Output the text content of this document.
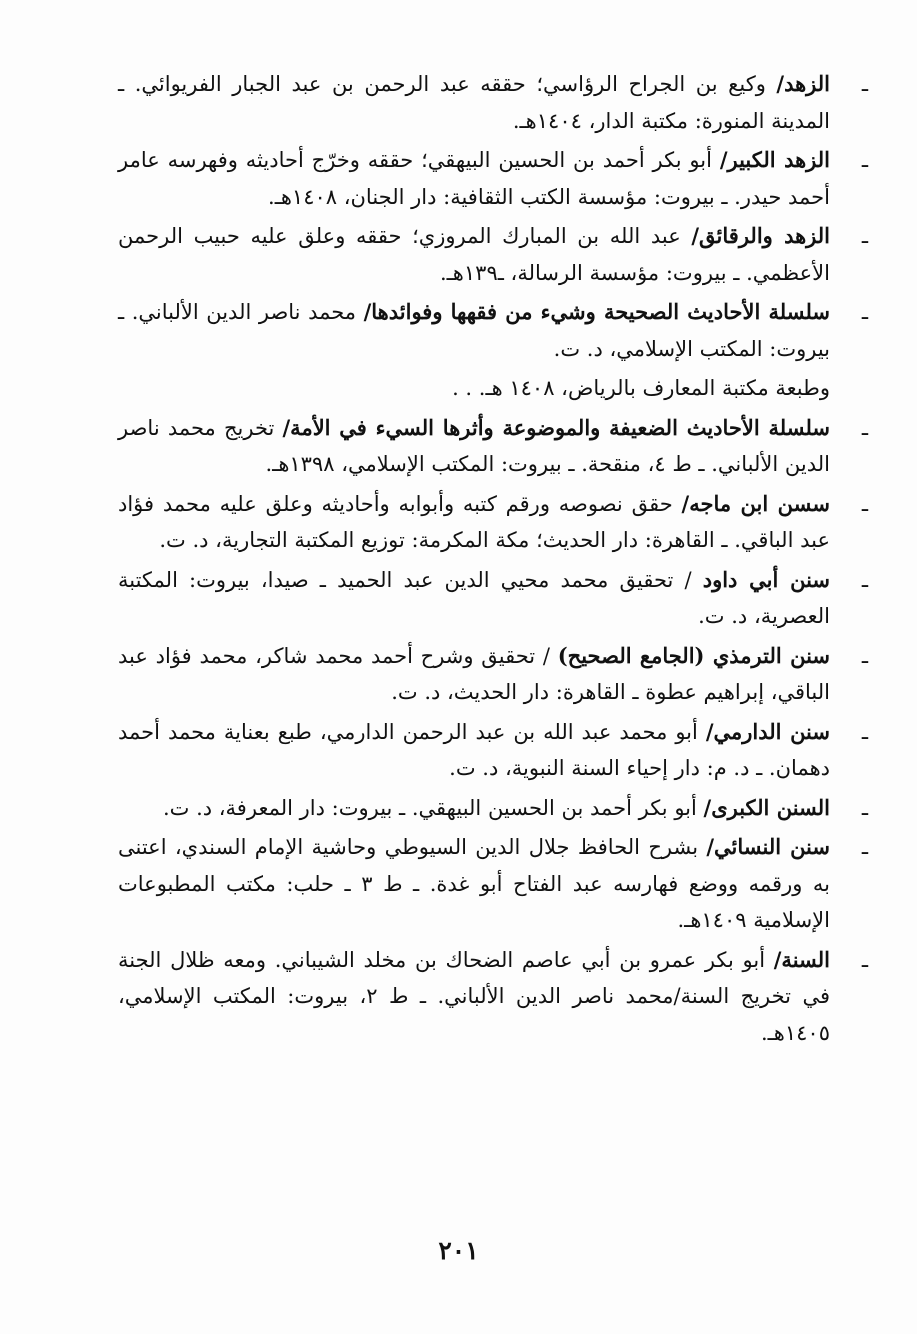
ـ
الزهد/ وكيع بن الجراح الرؤاسي؛ حققه عبد الرحمن بن عبد الجبار الفريوائي. ـ المدينة المنورة: مكتبة الدار، ١٤٠٤هـ.

ـ
الزهد الكبير/ أبو بكر أحمد بن الحسين البيهقي؛ حققه وخرّج أحاديثه وفهرسه عامر أحمد حيدر. ـ بيروت: مؤسسة الكتب الثقافية: دار الجنان، ١٤٠٨هـ.

ـ
الزهد والرقائق/ عبد الله بن المبارك المروزي؛ حققه وعلق عليه حبيب الرحمن الأعظمي. ـ بيروت: مؤسسة الرسالة، ـ١٣٩هـ.

ـ
سلسلة الأحاديث الصحيحة وشيء من فقهها وفوائدها/ محمد ناصر الدين الألباني. ـ بيروت: المكتب الإسلامي، د. ت.

وطبعة مكتبة المعارف بالرياض، ١٤٠٨ هـ. . .

ـ
سلسلة الأحاديث الضعيفة والموضوعة وأثرها السيء في الأمة/ تخريج محمد ناصر الدين الألباني. ـ ط ٤، منقحة. ـ بيروت: المكتب الإسلامي، ١٣٩٨هـ.

ـ
سسن ابن ماجه/ حقق نصوصه ورقم كتبه وأبوابه وأحاديثه وعلق عليه محمد فؤاد عبد الباقي. ـ القاهرة: دار الحديث؛ مكة المكرمة: توزيع المكتبة التجارية، د. ت.

ـ
سنن أبي داود / تحقيق محمد محيي الدين عبد الحميد ـ صيدا، بيروت: المكتبة العصرية، د. ت.

ـ
سنن الترمذي (الجامع الصحيح) / تحقيق وشرح أحمد محمد شاكر، محمد فؤاد عبد الباقي، إبراهيم عطوة ـ القاهرة: دار الحديث، د. ت.

ـ
سنن الدارمي/ أبو محمد عبد الله بن عبد الرحمن الدارمي، طبع بعناية محمد أحمد دهمان. ـ د. م: دار إحياء السنة النبوية، د. ت.

ـ
السنن الكبرى/ أبو بكر أحمد بن الحسين البيهقي. ـ بيروت: دار المعرفة، د. ت.

ـ
سنن النسائي/ بشرح الحافظ جلال الدين السيوطي وحاشية الإمام السندي، اعتنى به ورقمه ووضع فهارسه عبد الفتاح أبو غدة. ـ ط ٣ ـ حلب: مكتب المطبوعات الإسلامية ١٤٠٩هـ.

ـ
السنة/ أبو بكر عمرو بن أبي عاصم الضحاك بن مخلد الشيباني. ومعه ظلال الجنة في تخريج السنة/محمد ناصر الدين الألباني. ـ ط ٢، بيروت: المكتب الإسلامي، ١٤٠٥هـ.

٢٠١
